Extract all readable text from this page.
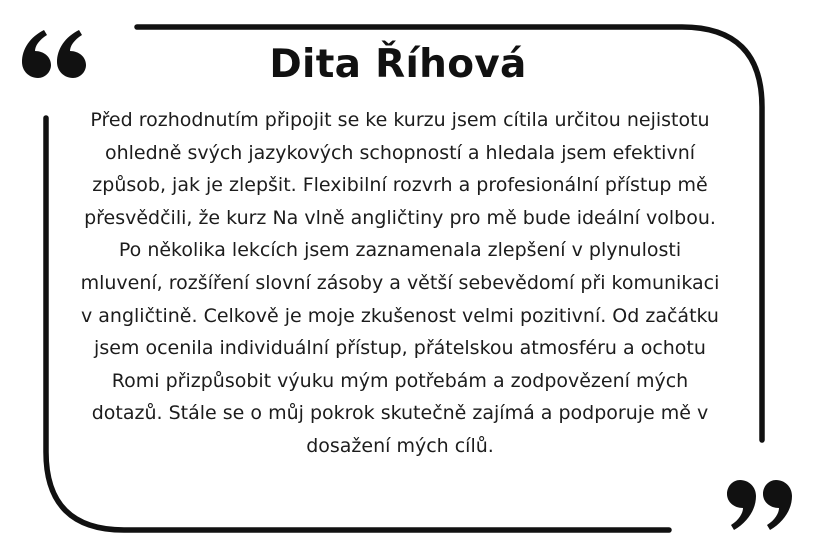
Dita Říhová

Před rozhodnutím připojit se ke kurzu jsem cítila určitou nejistotu ohledně svých jazykových schopností a hledala jsem efektivní způsob, jak je zlepšit. Flexibilní rozvrh a profesionální přístup mě přesvědčili, že kurz Na vlně angličtiny pro mě bude ideální volbou. Po několika lekcích jsem zaznamenala zlepšení v plynulosti mluvení, rozšíření slovní zásoby a větší sebevědomí při komunikaci v angličtině. Celkově je moje zkušenost velmi pozitivní. Od začátku jsem ocenila individuální přístup, přátelskou atmosféru a ochotu Romi přizpůsobit výuku mým potřebám a zodpovězení mých dotazů. Stále se o můj pokrok skutečně zajímá a podporuje mě v dosažení mých cílů.
